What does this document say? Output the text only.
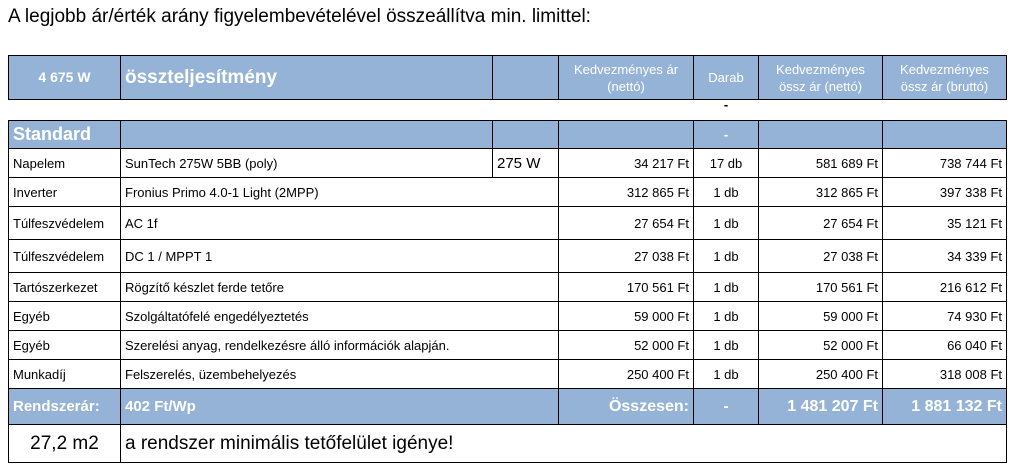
A legjobb ár/érték arány figyelembevételével összeállítva min. limittel:
4 675 W	összteljesítmény		Kedvezményes ár (nettó)	Darab	Kedvezményes össz ár (nettó)	Kedvezményes össz ár (bruttó)
				-		
Standard				-		
Napelem	SunTech 275W 5BB (poly)	275 W	34 217 Ft	17 db	581 689 Ft	738 744 Ft
Inverter	Fronius Primo 4.0-1 Light (2MPP)		312 865 Ft	1 db	312 865 Ft	397 338 Ft
Túlfeszvédelem	AC 1f		27 654 Ft	1 db	27 654 Ft	35 121 Ft
Túlfeszvédelem	DC 1 / MPPT 1		27 038 Ft	1 db	27 038 Ft	34 339 Ft
Tartószerkezet	Rögzítő készlet ferde tetőre		170 561 Ft	1 db	170 561 Ft	216 612 Ft
Egyéb	Szolgáltatófelé engedélyeztetés		59 000 Ft	1 db	59 000 Ft	74 930 Ft
Egyéb	Szerelési anyag, rendelkezésre álló információk alapján.		52 000 Ft	1 db	52 000 Ft	66 040 Ft
Munkadíj	Felszerelés, üzembehelyezés		250 400 Ft	1 db	250 400 Ft	318 008 Ft
Rendszerár:	402 Ft/Wp		Összesen:	-	1 481 207 Ft	1 881 132 Ft
27,2 m2	a rendszer minimális tetőfelület igénye!					
